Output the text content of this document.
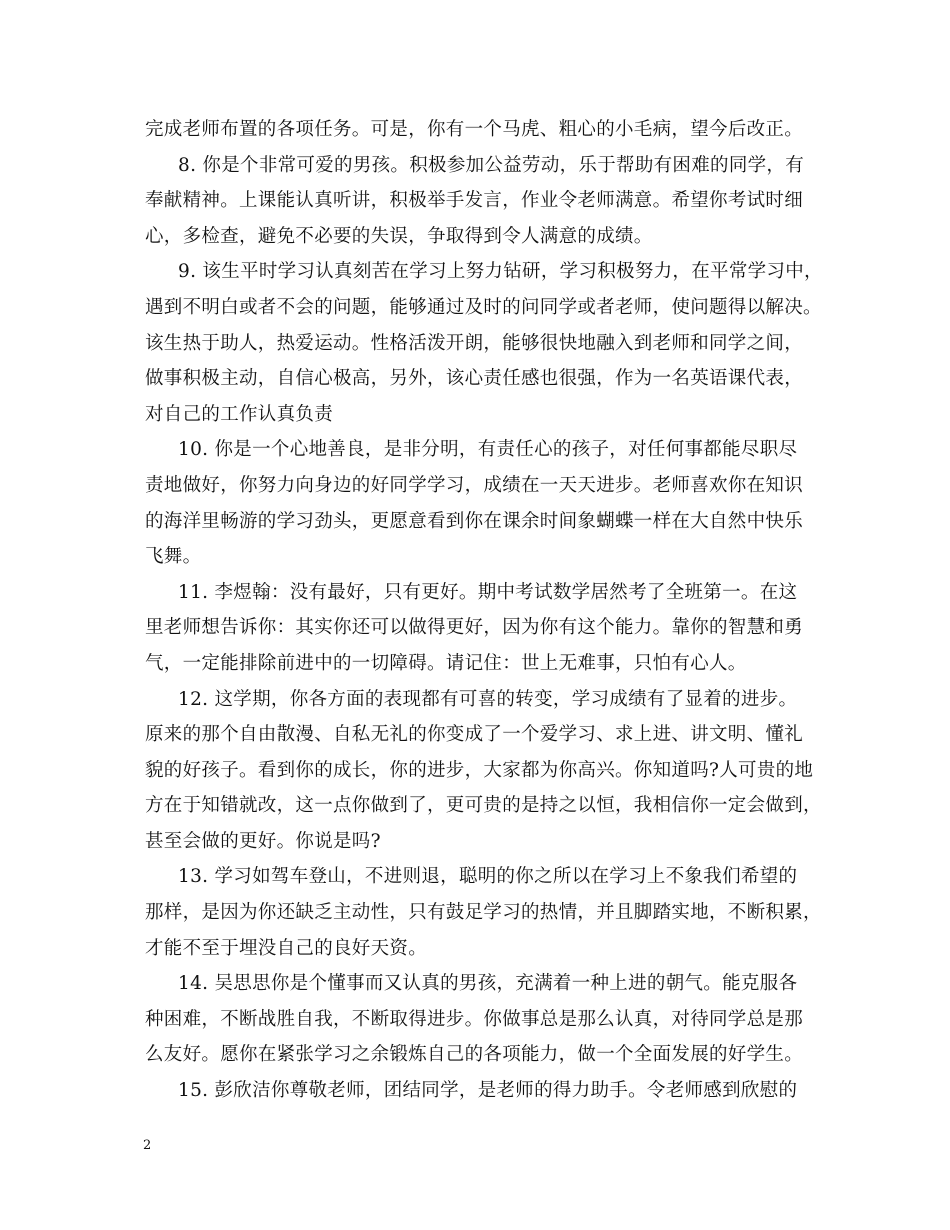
完成老师布置的各项任务。可是，你有一个马虎、粗心的小毛病，望今后改正。
8. 你是个非常可爱的男孩。积极参加公益劳动，乐于帮助有困难的同学，有
奉献精神。上课能认真听讲，积极举手发言，作业令老师满意。希望你考试时细
心，多检查，避免不必要的失误，争取得到令人满意的成绩。
9. 该生平时学习认真刻苦在学习上努力钻研，学习积极努力，在平常学习中，
遇到不明白或者不会的问题，能够通过及时的问同学或者老师，使问题得以解决。
该生热于助人，热爱运动。性格活泼开朗，能够很快地融入到老师和同学之间，
做事积极主动，自信心极高，另外，该心责任感也很强，作为一名英语课代表，
对自己的工作认真负责
10. 你是一个心地善良，是非分明，有责任心的孩子，对任何事都能尽职尽
责地做好，你努力向身边的好同学学习，成绩在一天天进步。老师喜欢你在知识
的海洋里畅游的学习劲头，更愿意看到你在课余时间象蝴蝶一样在大自然中快乐
飞舞。
11. 李煜翰：没有最好，只有更好。期中考试数学居然考了全班第一。在这
里老师想告诉你：其实你还可以做得更好，因为你有这个能力。靠你的智慧和勇
气，一定能排除前进中的一切障碍。请记住：世上无难事，只怕有心人。
12. 这学期，你各方面的表现都有可喜的转变，学习成绩有了显着的进步。
原来的那个自由散漫、自私无礼的你变成了一个爱学习、求上进、讲文明、懂礼
貌的好孩子。看到你的成长，你的进步，大家都为你高兴。你知道吗?人可贵的地
方在于知错就改，这一点你做到了，更可贵的是持之以恒，我相信你一定会做到，
甚至会做的更好。你说是吗?
13. 学习如驾车登山，不进则退，聪明的你之所以在学习上不象我们希望的
那样，是因为你还缺乏主动性，只有鼓足学习的热情，并且脚踏实地，不断积累，
才能不至于埋没自己的良好天资。
14. 吴思思你是个懂事而又认真的男孩，充满着一种上进的朝气。能克服各
种困难，不断战胜自我，不断取得进步。你做事总是那么认真，对待同学总是那
么友好。愿你在紧张学习之余锻炼自己的各项能力，做一个全面发展的好学生。
15. 彭欣洁你尊敬老师，团结同学，是老师的得力助手。令老师感到欣慰的
2
